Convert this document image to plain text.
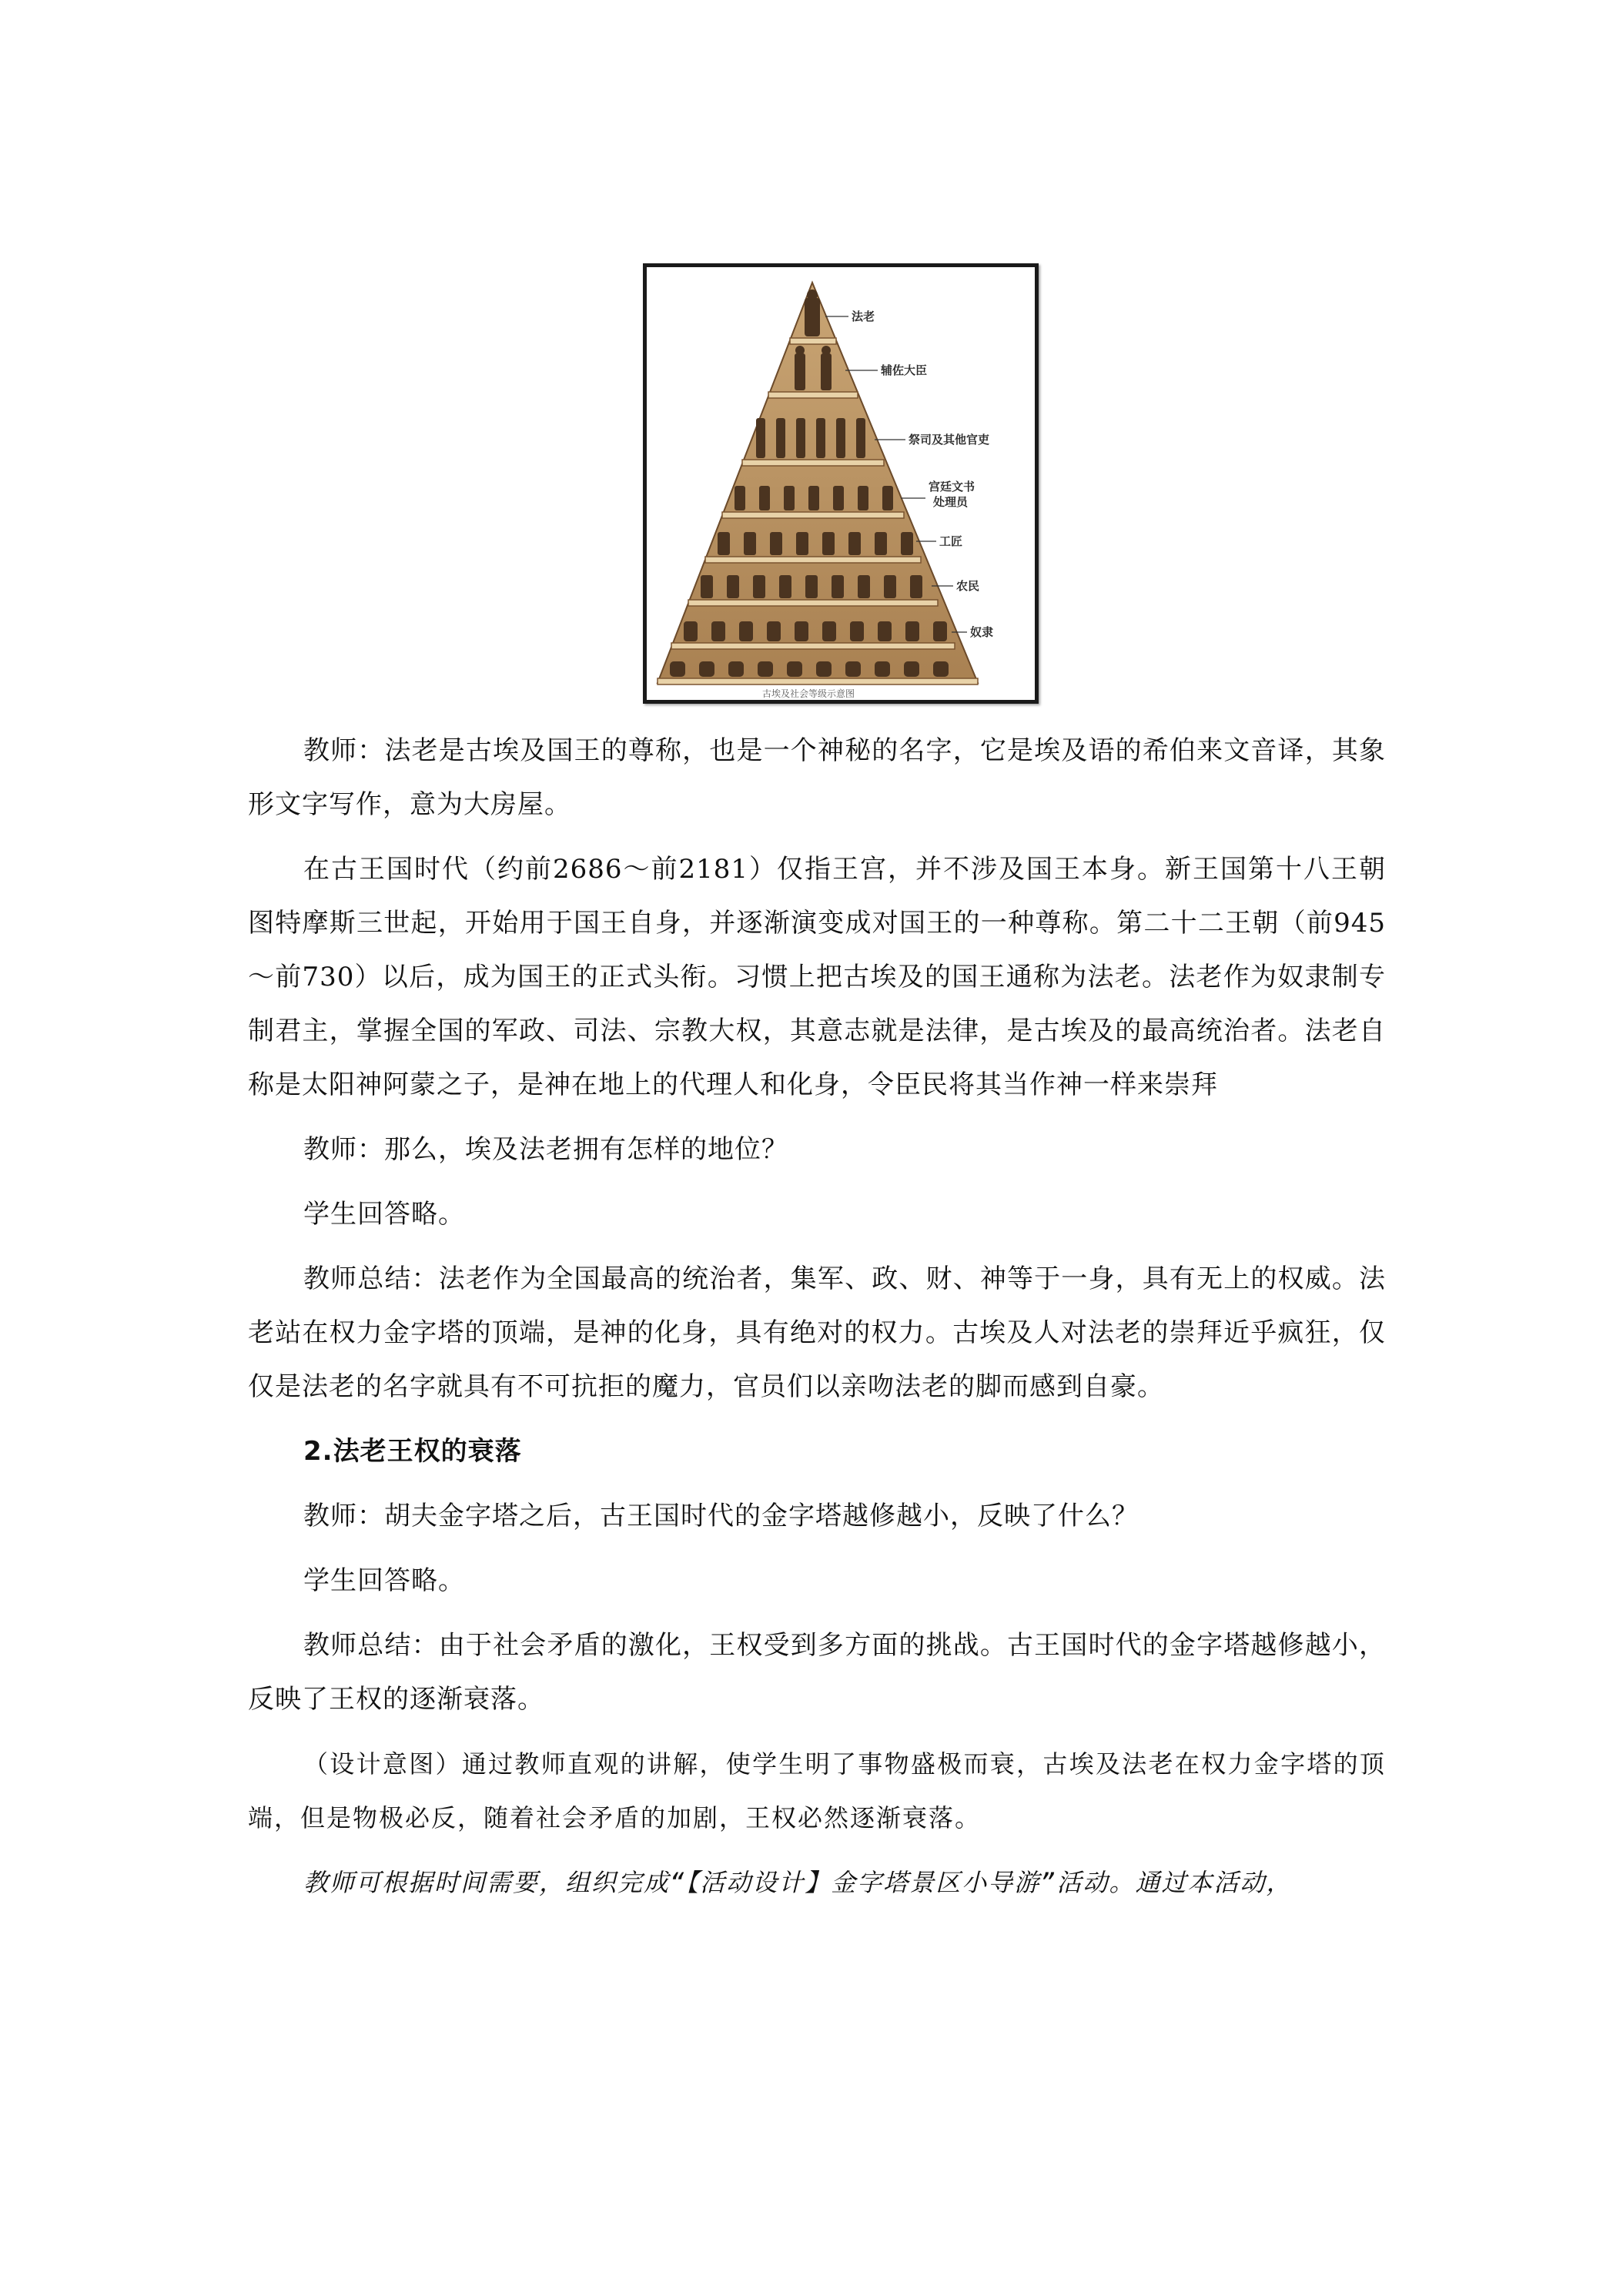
法老
辅佐大臣
祭司及其他官吏
宫廷文书
处理员
工匠
农民
奴隶
古埃及社会等级示意图

教师：法老是古埃及国王的尊称，也是一个神秘的名字，它是埃及语的希伯来文音译，其象形文字写作，意为大房屋。

在古王国时代（约前2686～前2181）仅指王宫，并不涉及国王本身。新王国第十八王朝图特摩斯三世起，开始用于国王自身，并逐渐演变成对国王的一种尊称。第二十二王朝（前945～前730）以后，成为国王的正式头衔。习惯上把古埃及的国王通称为法老。法老作为奴隶制专制君主，掌握全国的军政、司法、宗教大权，其意志就是法律，是古埃及的最高统治者。法老自称是太阳神阿蒙之子，是神在地上的代理人和化身，令臣民将其当作神一样来崇拜

教师：那么，埃及法老拥有怎样的地位？

学生回答略。

教师总结：法老作为全国最高的统治者，集军、政、财、神等于一身，具有无上的权威。法老站在权力金字塔的顶端，是神的化身，具有绝对的权力。古埃及人对法老的崇拜近乎疯狂，仅仅是法老的名字就具有不可抗拒的魔力，官员们以亲吻法老的脚而感到自豪。

2.法老王权的衰落

教师：胡夫金字塔之后，古王国时代的金字塔越修越小，反映了什么？

学生回答略。

教师总结：由于社会矛盾的激化，王权受到多方面的挑战。古王国时代的金字塔越修越小，反映了王权的逐渐衰落。

（设计意图）通过教师直观的讲解，使学生明了事物盛极而衰，古埃及法老在权力金字塔的顶端，但是物极必反，随着社会矛盾的加剧，王权必然逐渐衰落。

教师可根据时间需要，组织完成“【活动设计】金字塔景区小导游”活动。通过本活动，
